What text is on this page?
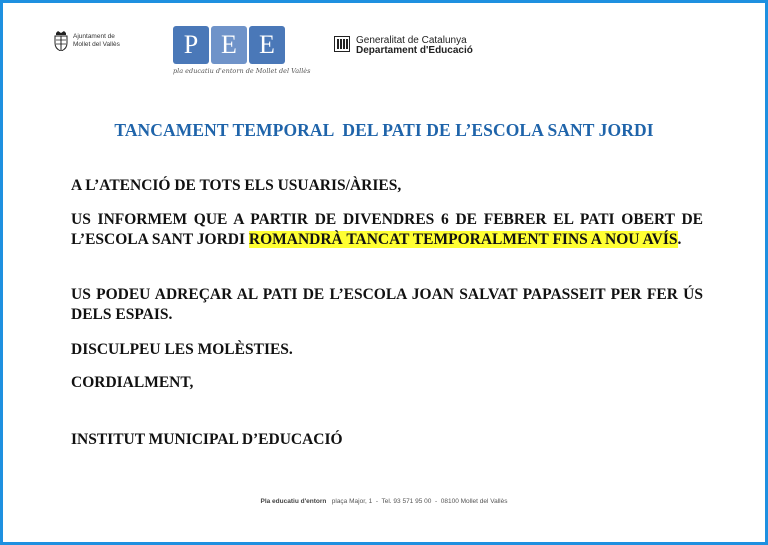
Ajuntament de
Mollet del Vallès	P E E
pla educatiu d'entorn de Mollet del Vallès
Generalitat de Catalunya
Departament d'Educació
TANCAMENT TEMPORAL  DEL PATI DE L’ESCOLA SANT JORDI

A L’ATENCIÓ DE TOTS ELS USUARIS/ÀRIES,

US INFORMEM QUE A PARTIR DE DIVENDRES 6 DE FEBRER EL PATI OBERT DE L’ESCOLA SANT JORDI ROMANDRÀ TANCAT TEMPORALMENT FINS A NOU AVÍS.

US PODEU ADREÇAR AL PATI DE L’ESCOLA JOAN SALVAT PAPASSEIT PER FER ÚS DELS ESPAIS.

DISCULPEU LES MOLÈSTIES.

CORDIALMENT,

INSTITUT MUNICIPAL D’EDUCACIÓ

Pla educatiu d'entorn   plaça Major, 1  -  Tel. 93 571 95 00  -  08100 Mollet del Vallès
